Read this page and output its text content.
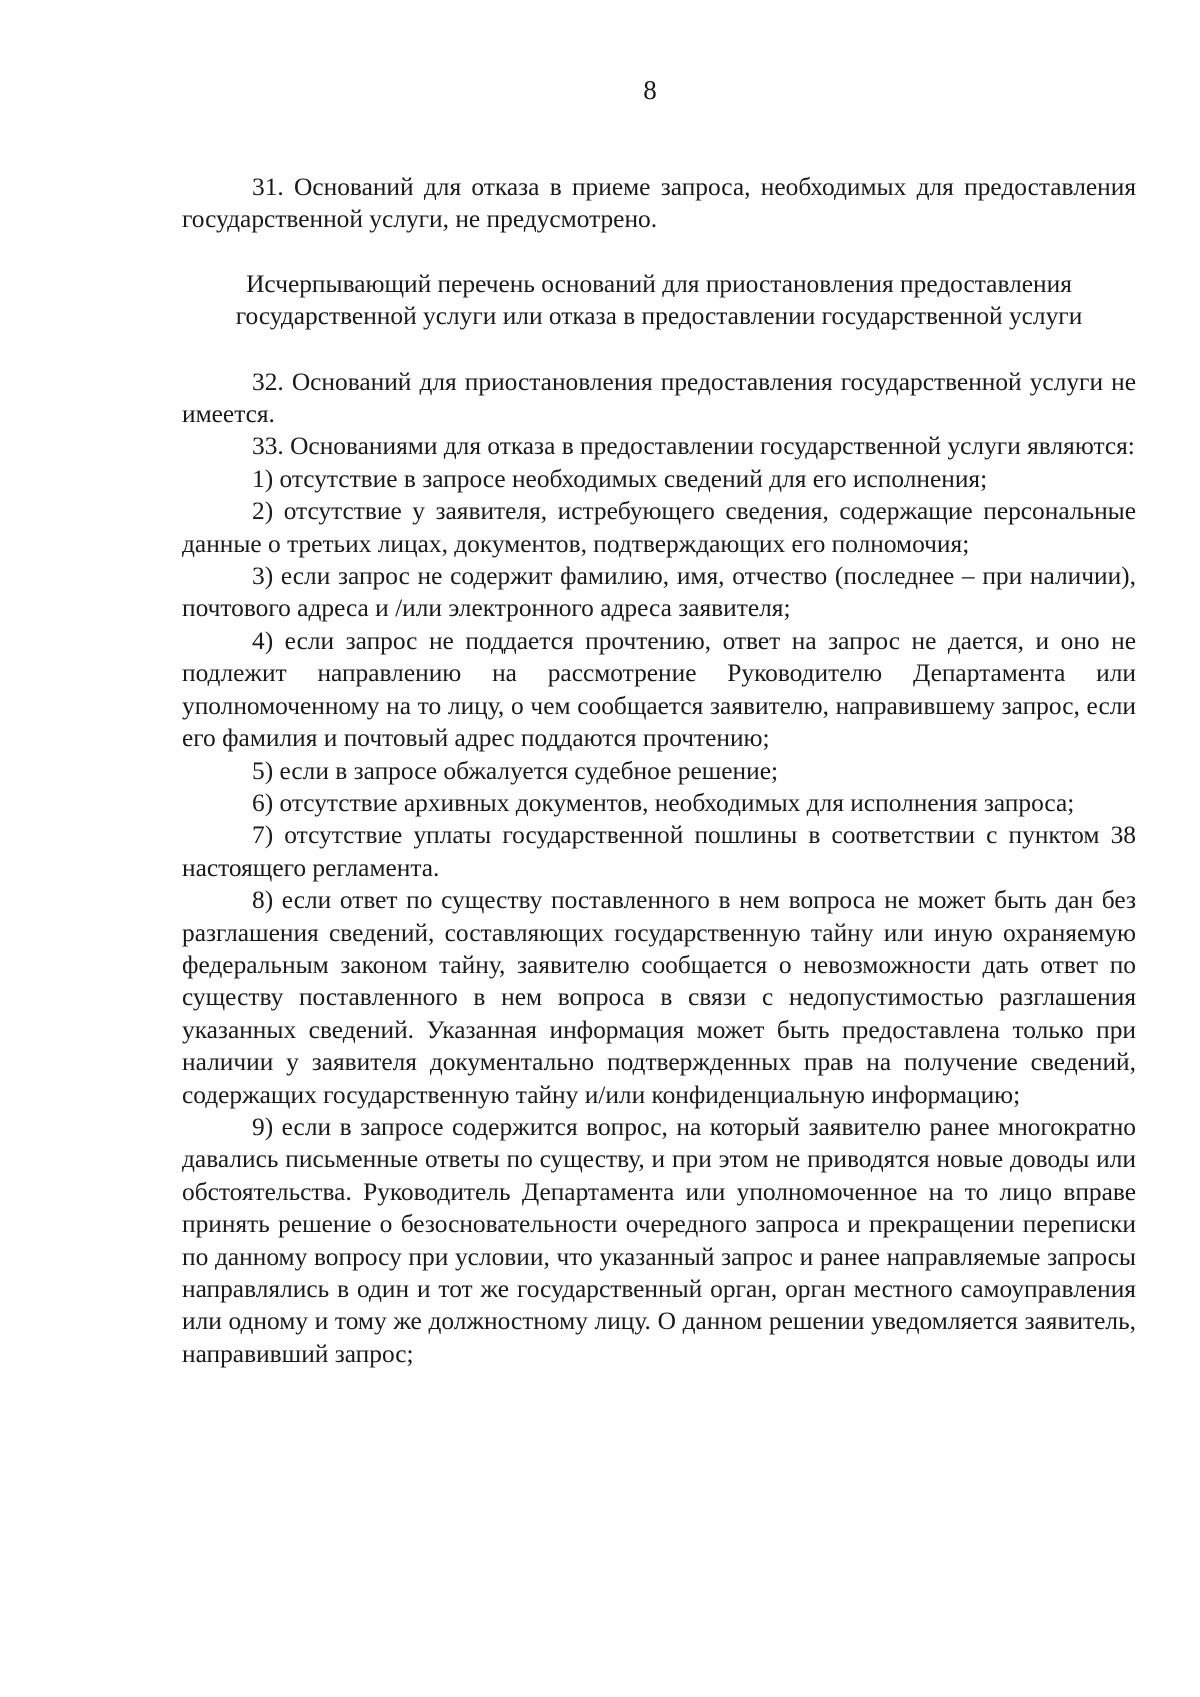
8

31. Оснований для отказа в приеме запроса, необходимых для предоставления государственной услуги, не предусмотрено.

Исчерпывающий перечень оснований для приостановления предоставления государственной услуги или отказа в предоставлении государственной услуги

32. Оснований для приостановления предоставления государственной услуги не имеется.

33. Основаниями для отказа в предоставлении государственной услуги являются:

1) отсутствие в запросе необходимых сведений для его исполнения;

2) отсутствие у заявителя, истребующего сведения, содержащие персональные данные о третьих лицах, документов, подтверждающих его полномочия;

3) если запрос не содержит фамилию, имя, отчество (последнее – при наличии), почтового адреса и /или электронного адреса заявителя;

4) если запрос не поддается прочтению, ответ на запрос не дается, и оно не подлежит направлению на рассмотрение Руководителю Департамента или уполномоченному на то лицу, о чем сообщается заявителю, направившему запрос, если его фамилия и почтовый адрес поддаются прочтению;

5) если в запросе обжалуется судебное решение;

6) отсутствие архивных документов, необходимых для исполнения запроса;

7) отсутствие уплаты государственной пошлины в соответствии с пунктом 38 настоящего регламента.

8) если ответ по существу поставленного в нем вопроса не может быть дан без разглашения сведений, составляющих государственную тайну или иную охраняемую федеральным законом тайну, заявителю сообщается о невозможности дать ответ по существу поставленного в нем вопроса в связи с недопустимостью разглашения указанных сведений. Указанная информация может быть предоставлена только при наличии у заявителя документально подтвержденных прав на получение сведений, содержащих государственную тайну и/или конфиденциальную информацию;

9) если в запросе содержится вопрос, на который заявителю ранее многократно давались письменные ответы по существу, и при этом не приводятся новые доводы или обстоятельства. Руководитель Департамента или уполномоченное на то лицо вправе принять решение о безосновательности очередного запроса и прекращении переписки по данному вопросу при условии, что указанный запрос и ранее направляемые запросы направлялись в один и тот же государственный орган, орган местного самоуправления или одному и тому же должностному лицу. О данном решении уведомляется заявитель, направивший запрос;
